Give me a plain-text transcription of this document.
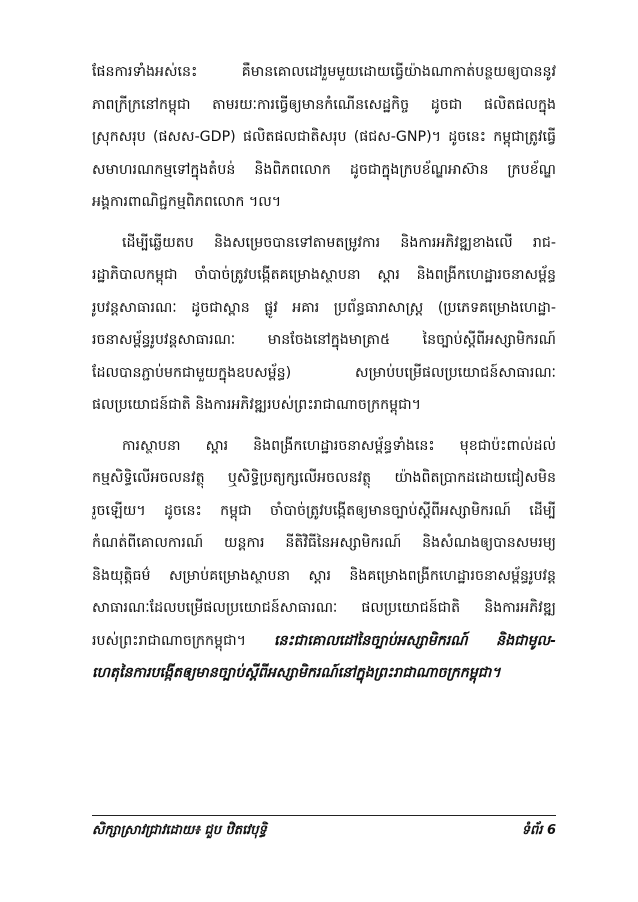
ផែនការទាំងអស់នេះ គឺមានគោលដៅរួមមួយដោយធ្វើយ៉ាងណាកាត់បន្ថយឲ្យបាននូវ
ភាពក្រីក្រនៅកម្ពុជា តាមរយៈការធ្វើឲ្យមានកំណើនសេដ្ឋកិច្ច ដូចជា ផលិតផលក្នុង
ស្រុកសរុប (ផសស-GDP) ផលិតផលជាតិសរុប (ផជស-GNP)។ ដូចនេះ កម្ពុជាត្រូវធ្វើ
សមាហរណកម្មទៅក្នុងតំបន់ និងពិភពលោក ដូចជាក្នុងក្របខ័ណ្ឌអាស៊ាន ក្របខ័ណ្ឌ
អង្គការពាណិជ្ជកម្មពិភពលោក ។ល។
ដើម្បីឆ្លើយតប និងសម្រេចបានទៅតាមតម្រូវការ និងការអភិវឌ្ឍខាងលើ រាជ-
រដ្ឋាភិបាលកម្ពុជា ចាំបាច់ត្រូវបង្កើតគម្រោងស្ថាបនា ស្តារ និងពង្រីកហេដ្ឋារចនាសម្ព័ន្ធ
រូបវន្តសាធារណៈ ដូចជាស្ពាន ផ្លូវ អគារ ប្រព័ន្ធធារាសាស្ត្រ (ប្រភេទគម្រោងហេដ្ឋា-
រចនាសម្ព័ន្ធរូបវន្តសាធារណៈ មានចែងនៅក្នុងមាត្រា៥ នៃច្បាប់ស្តីពីអស្សាមិករណ៍
ដែលបានភ្ជាប់មកជាមួយក្នុងឧបសម្ព័ន្ធ) សម្រាប់បម្រើផលប្រយោជន៍សាធារណៈ
ផលប្រយោជន៍ជាតិ និងការអភិវឌ្ឍរបស់ព្រះរាជាណាចក្រកម្ពុជា។
ការស្ថាបនា ស្តារ និងពង្រីកហេដ្ឋារចនាសម្ព័ន្ធទាំងនេះ មុខជាប៉ះពាល់ដល់
កម្មសិទ្ធិលើអចលនវត្ថុ ឬសិទ្ធិប្រត្យក្សលើអចលនវត្ថុ យ៉ាងពិតប្រាកដដោយជៀសមិន
រួចឡើយ។ ដូចនេះ កម្ពុជា ចាំបាច់ត្រូវបង្កើតឲ្យមានច្បាប់ស្តីពីអស្សាមិករណ៍ ដើម្បី
កំណត់ពីគោលការណ៍ យន្តការ នីតិវិធីនៃអស្សាមិករណ៍ និងសំណងឲ្យបានសមរម្យ
និងយុត្តិធម៌ សម្រាប់គម្រោងស្ថាបនា ស្តារ និងគម្រោងពង្រីកហេដ្ឋារចនាសម្ព័ន្ធរូបវន្ត
សាធារណៈដែលបម្រើផលប្រយោជន៍សាធារណៈ ផលប្រយោជន៍ជាតិ និងការអភិវឌ្ឍ
របស់ព្រះរាជាណាចក្រកម្ពុជា។ នេះជាគោលដៅនៃច្បាប់អស្សាមិករណ៍ និងជាមូល-
ហេតុនៃការបង្កើតឲ្យមានច្បាប់ស្តីពីអស្សាមិករណ៍នៅក្នុងព្រះរាជាណាចក្រកម្ពុជា។
សិក្សាស្រាវជ្រាវដោយ៖ ជួប ឋិតវេបុទ្ធិ	ទំព័រ 6
